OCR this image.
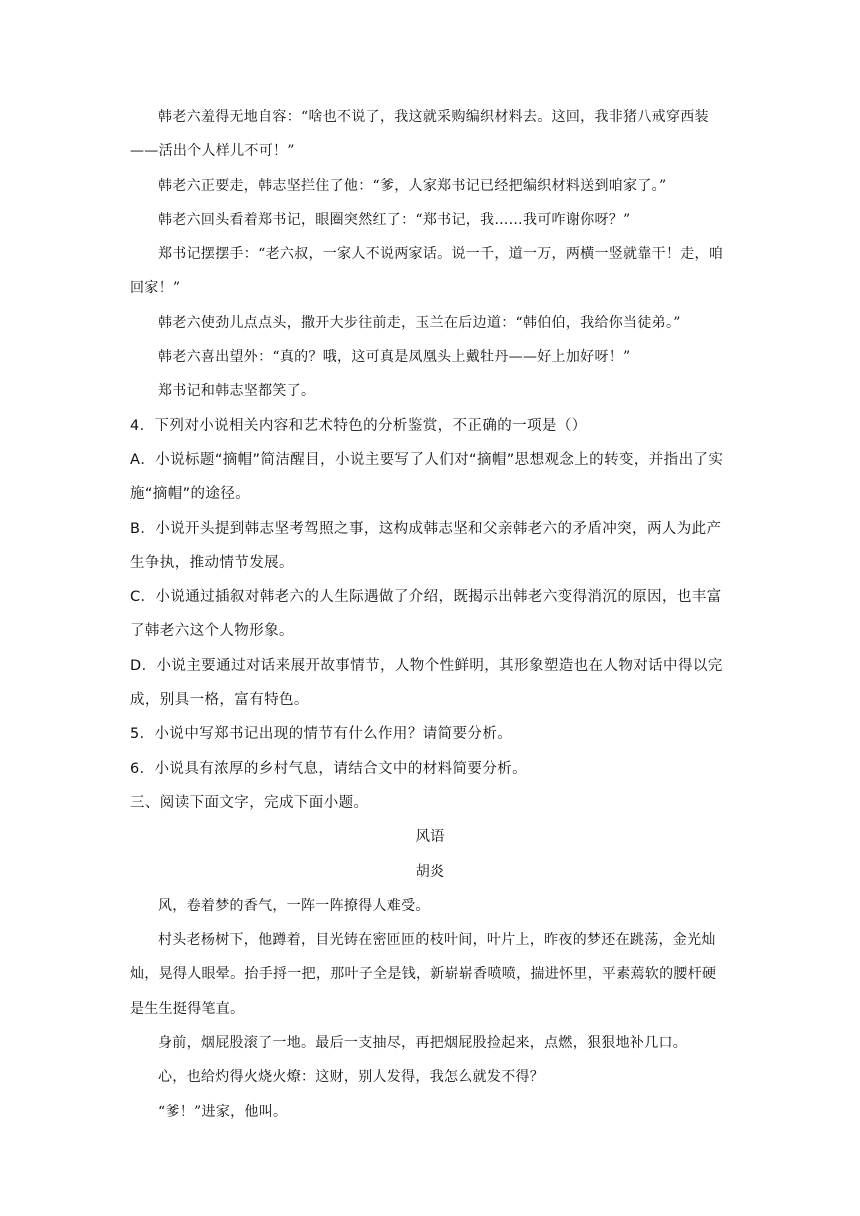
韩老六羞得无地自容：“啥也不说了，我这就采购编织材料去。这回，我非猪八戒穿西装——活出个人样儿不可！”

韩老六正要走，韩志坚拦住了他：“爹，人家郑书记已经把编织材料送到咱家了。”

韩老六回头看着郑书记，眼圈突然红了：“郑书记，我……我可咋谢你呀？”

郑书记摆摆手：“老六叔，一家人不说两家话。说一千，道一万，两横一竖就靠干！走，咱回家！”

韩老六使劲儿点点头，撒开大步往前走，玉兰在后边道：“韩伯伯，我给你当徒弟。”

韩老六喜出望外：“真的？哦，这可真是凤凰头上戴牡丹——好上加好呀！”

郑书记和韩志坚都笑了。

4．下列对小说相关内容和艺术特色的分析鉴赏，不正确的一项是（）

A．小说标题“摘帽”简洁醒目，小说主要写了人们对“摘帽”思想观念上的转变，并指出了实施“摘帽”的途径。

B．小说开头提到韩志坚考驾照之事，这构成韩志坚和父亲韩老六的矛盾冲突，两人为此产生争执，推动情节发展。

C．小说通过插叙对韩老六的人生际遇做了介绍，既揭示出韩老六变得消沉的原因，也丰富了韩老六这个人物形象。

D．小说主要通过对话来展开故事情节，人物个性鲜明，其形象塑造也在人物对话中得以完成，别具一格，富有特色。

5．小说中写郑书记出现的情节有什么作用？请简要分析。

6．小说具有浓厚的乡村气息，请结合文中的材料简要分析。

三、阅读下面文字，完成下面小题。

风语

胡炎

风，卷着梦的香气，一阵一阵撩得人难受。

村头老杨树下，他蹲着，目光铸在密匝匝的枝叶间，叶片上，昨夜的梦还在跳荡，金光灿灿，晃得人眼晕。抬手捋一把，那叶子全是钱，新崭崭香喷喷，揣进怀里，平素蔫软的腰杆硬是生生挺得笔直。

身前，烟屁股滚了一地。最后一支抽尽，再把烟屁股捡起来，点燃，狠狠地补几口。

心，也给灼得火烧火燎：这财，别人发得，我怎么就发不得？

“爹！”进家，他叫。
